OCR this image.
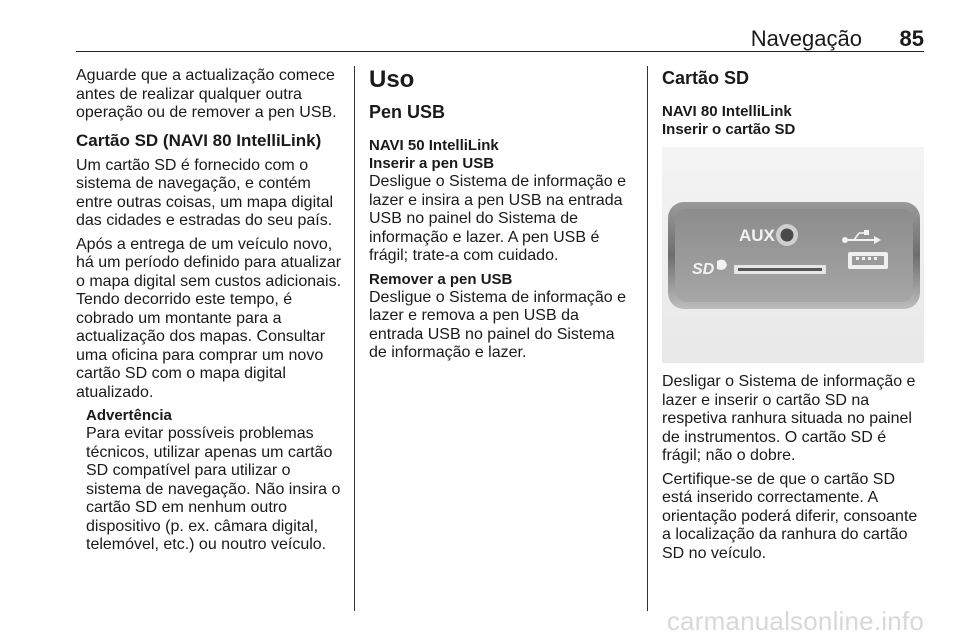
Navegação 85

Aguarde que a actualização comece antes de realizar qualquer outra operação ou de remover a pen USB.

Cartão SD (NAVI 80 IntelliLink)

Um cartão SD é fornecido com o sistema de navegação, e contém entre outras coisas, um mapa digital das cidades e estradas do seu país.

Após a entrega de um veículo novo, há um período definido para atualizar o mapa digital sem custos adicionais. Tendo decorrido este tempo, é cobrado um montante para a actualização dos mapas. Consultar uma oficina para comprar um novo cartão SD com o mapa digital atualizado.

Advertência
Para evitar possíveis problemas técnicos, utilizar apenas um cartão SD compatível para utilizar o sistema de navegação. Não insira o cartão SD em nenhum outro dispositivo (p. ex. câmara digital, telemóvel, etc.) ou noutro veículo.
Uso
Pen USB
NAVI 50 IntelliLink
Inserir a pen USB

Desligue o Sistema de informação e lazer e insira a pen USB na entrada USB no painel do Sistema de informação e lazer. A pen USB é frágil; trate-a com cuidado.

Remover a pen USB

Desligue o Sistema de informação e lazer e remova a pen USB da entrada USB no painel do Sistema de informação e lazer.

Cartão SD
NAVI 80 IntelliLink
Inserir o cartão SD
AUX
SD

Desligar o Sistema de informação e lazer e inserir o cartão SD na respetiva ranhura situada no painel de instrumentos. O cartão SD é frágil; não o dobre.

Certifique-se de que o cartão SD está inserido correctamente. A orientação poderá diferir, consoante a localização da ranhura do cartão SD no veículo.

carmanualsonline.info
